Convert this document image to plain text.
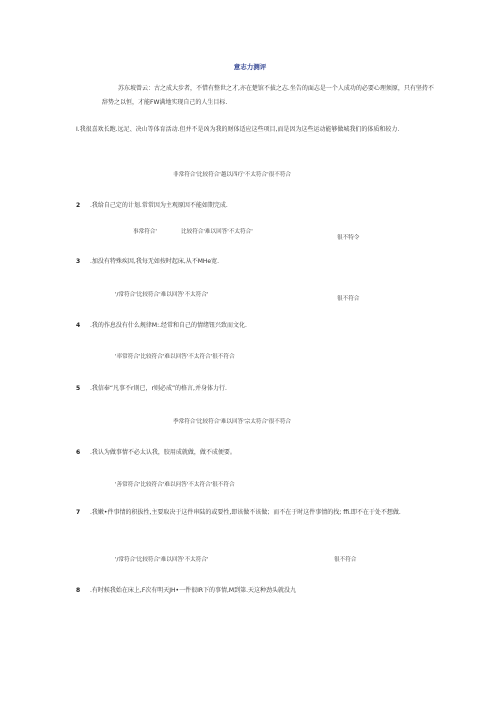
意志力测评
苏东坡曾云：古之成大步者，不惜有整世之才,亦在楚馆不拔之志.坐告的面志是一个人成功的必要心理须原，只有坚持不辞势之以恒，才能FW满地实现自己的人生目标.
I.我很喜欢长跑.远足、决山等体育活动.但并不是凶为我的财体适应这些项目,而是因为这些运动能够做城我们的体质和较力.
非常符合'比较符合'越以四疗'不太符合'很不符合
2 .我给自己定的计划.常常因为主观原因不能如期完成.
事常符合'	比较符合'难以回答'不太符合'
很不特令
3 .加没有特殊疾因,我每无如按时起床,从不MHe宽.
'/常符合'比较符合'难以回答'不太符合'
很不符合
4 .我的作息没有什么规律M:.经常和自己的情绪钮兴致而文化.
'率常符合'比较符合'难以回答'不太符合'很不符合
5 .我信奉“凡事不r則已，r则必成”的格言,并身体力行.
季常符合'比较符合'难以回答'宗太符合'很不符合
6 .我认为做事情不必太认我，胶用成就做，做不成便要。
'善常符合'比较符合'难以问答'不太符合'很不符合
7 .我嫩•件事情的积拔性,主要取决于这件串陆的或要性,即该做不该做；而不在于时这件事情的找; ffi.即不在于处不想做.
'/常符合'比较符合'难以回答'不太符合'	很不符合
8 .有时候我始在床上,F次有明天JH•一件很IR下的事情,M到第.天这种劲头就没九
